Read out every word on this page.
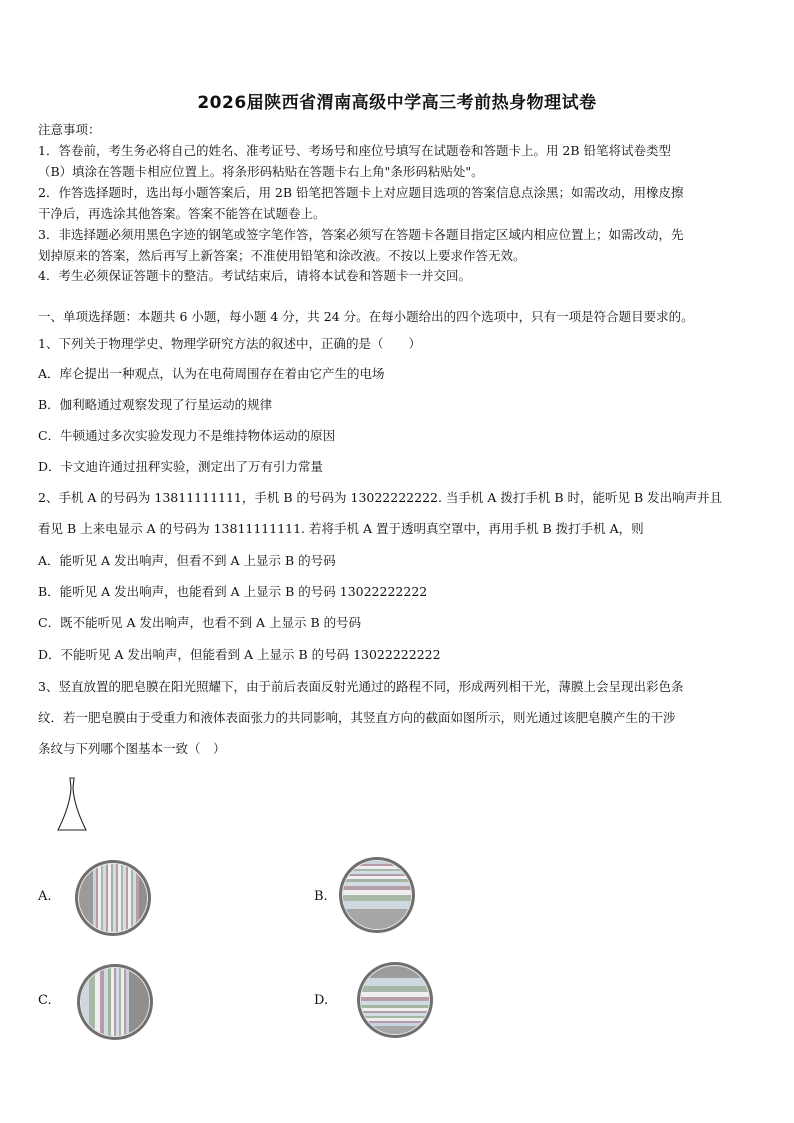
2026届陕西省渭南高级中学高三考前热身物理试卷
注意事项：
1．答卷前，考生务必将自己的姓名、准考证号、考场号和座位号填写在试题卷和答题卡上。用 2B 铅笔将试卷类型
（B）填涂在答题卡相应位置上。将条形码粘贴在答题卡右上角"条形码粘贴处"。
2．作答选择题时，选出每小题答案后，用 2B 铅笔把答题卡上对应题目选项的答案信息点涂黑；如需改动，用橡皮擦
干净后，再选涂其他答案。答案不能答在试题卷上。
3．非选择题必须用黑色字迹的钢笔或签字笔作答，答案必须写在答题卡各题目指定区域内相应位置上；如需改动，先
划掉原来的答案，然后再写上新答案；不准使用铅笔和涂改液。不按以上要求作答无效。
4．考生必须保证答题卡的整洁。考试结束后，请将本试卷和答题卡一并交回。
一、单项选择题：本题共 6 小题，每小题 4 分，共 24 分。在每小题给出的四个选项中，只有一项是符合题目要求的。
1、下列关于物理学史、物理学研究方法的叙述中，正确的是（　　）
A．库仑提出一种观点，认为在电荷周围存在着由它产生的电场
B．伽利略通过观察发现了行星运动的规律
C．牛顿通过多次实验发现力不是维持物体运动的原因
D．卡文迪许通过扭秤实验，测定出了万有引力常量
2、手机 A 的号码为 13811111111，手机 B 的号码为 13022222222. 当手机 A 拨打手机 B 时，能听见 B 发出响声并且
看见 B 上来电显示 A 的号码为 13811111111. 若将手机 A 置于透明真空罩中，再用手机 B 拨打手机 A，则
A．能听见 A 发出响声，但看不到 A 上显示 B 的号码
B．能听见 A 发出响声，也能看到 A 上显示 B 的号码 13022222222
C．既不能听见 A 发出响声，也看不到 A 上显示 B 的号码
D．不能听见 A 发出响声，但能看到 A 上显示 B 的号码 13022222222
3、竖直放置的肥皂膜在阳光照耀下，由于前后表面反射光通过的路程不同，形成两列相干光，薄膜上会呈现出彩色条
纹．若一肥皂膜由于受重力和液体表面张力的共同影响，其竖直方向的截面如图所示，则光通过该肥皂膜产生的干涉
条纹与下列哪个图基本一致（　）
A.	B.
C.	D.
